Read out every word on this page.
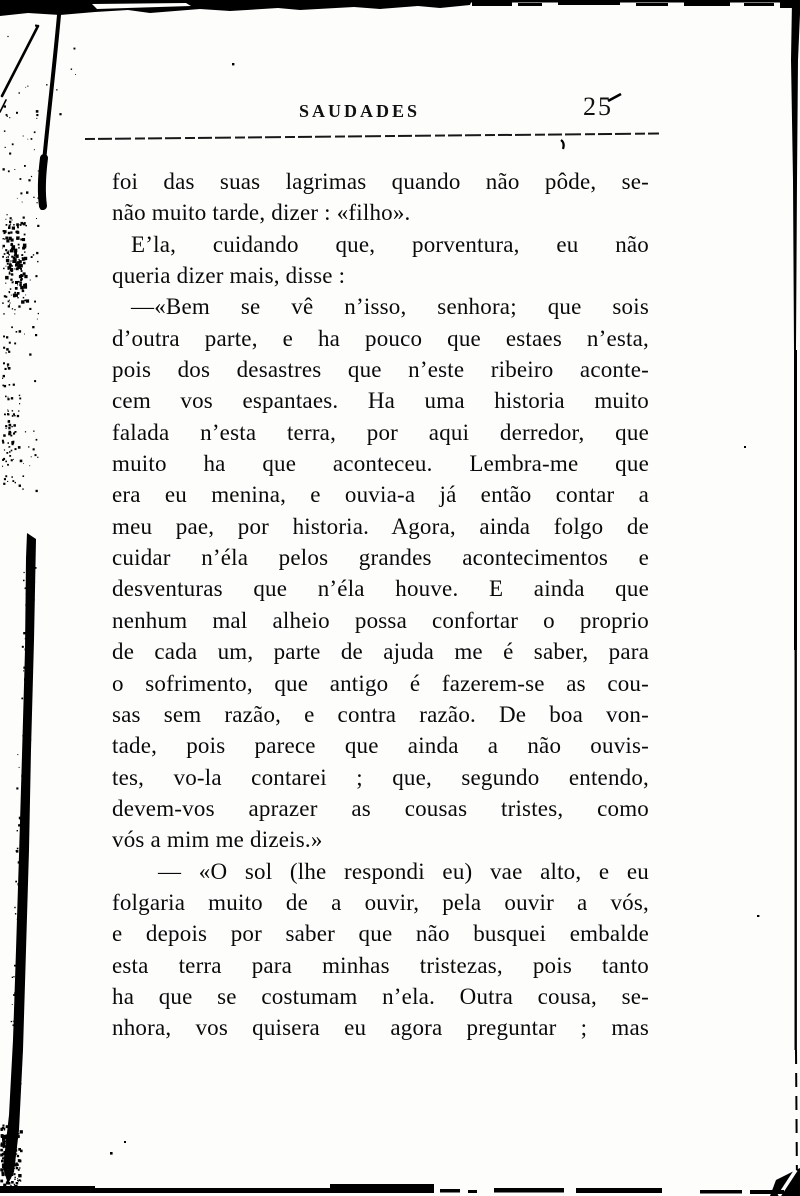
SAUDADES	25
foi das suas lagrimas quando não pôde, se-
não muito tarde, dizer : «filho».
E’la, cuidando que, porventura, eu não
queria dizer mais, disse :
—«Bem se vê n’isso, senhora; que sois
d’outra parte, e ha pouco que estaes n’esta,
pois dos desastres que n’este ribeiro aconte-
cem vos espantaes. Ha uma historia muito
falada n’esta terra, por aqui derredor, que
muito ha que aconteceu. Lembra-me que
era eu menina, e ouvia-a já então contar a
meu pae, por historia. Agora, ainda folgo de
cuidar n’éla pelos grandes acontecimentos e
desventuras que n’éla houve. E ainda que
nenhum mal alheio possa confortar o proprio
de cada um, parte de ajuda me é saber, para
o sofrimento, que antigo é fazerem-se as cou-
sas sem razão, e contra razão. De boa von-
tade, pois parece que ainda a não ouvis-
tes, vo-la contarei ; que, segundo entendo,
devem-vos aprazer as cousas tristes, como
vós a mim me dizeis.»
— «O sol (lhe respondi eu) vae alto, e eu
folgaria muito de a ouvir, pela ouvir a vós,
e depois por saber que não busquei embalde
esta terra para minhas tristezas, pois tanto
ha que se costumam n’ela. Outra cousa, se-
nhora, vos quisera eu agora preguntar ; mas
